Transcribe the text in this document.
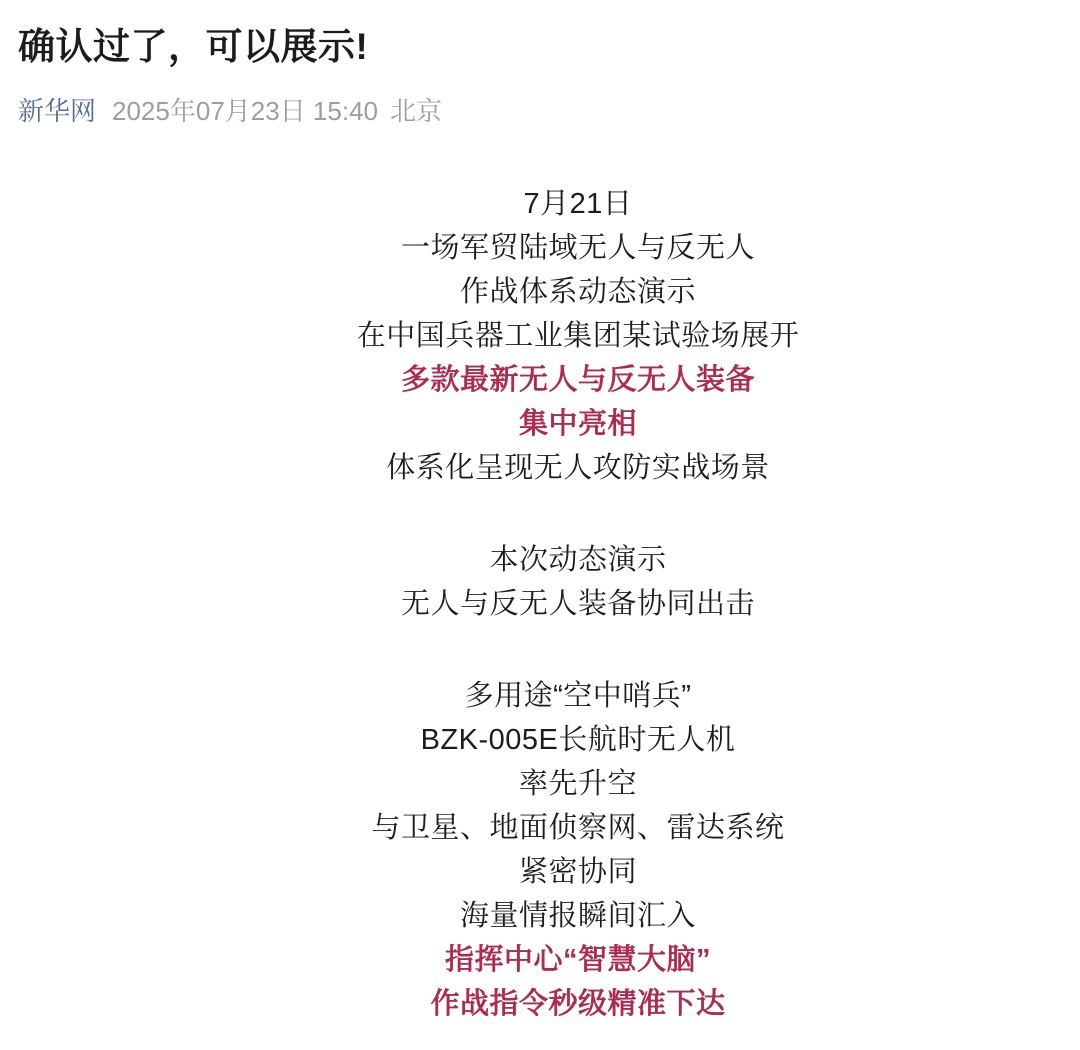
确认过了，可以展示!
新华网 2025年07月23日 15:40 北京

7月21日
一场军贸陆域无人与反无人
作战体系动态演示
在中国兵器工业集团某试验场展开
多款最新无人与反无人装备
集中亮相
体系化呈现无人攻防实战场景

本次动态演示
无人与反无人装备协同出击

多用途“空中哨兵”
BZK-005E长航时无人机
率先升空
与卫星、地面侦察网、雷达系统
紧密协同
海量情报瞬间汇入
指挥中心“智慧大脑”
作战指令秒级精准下达
